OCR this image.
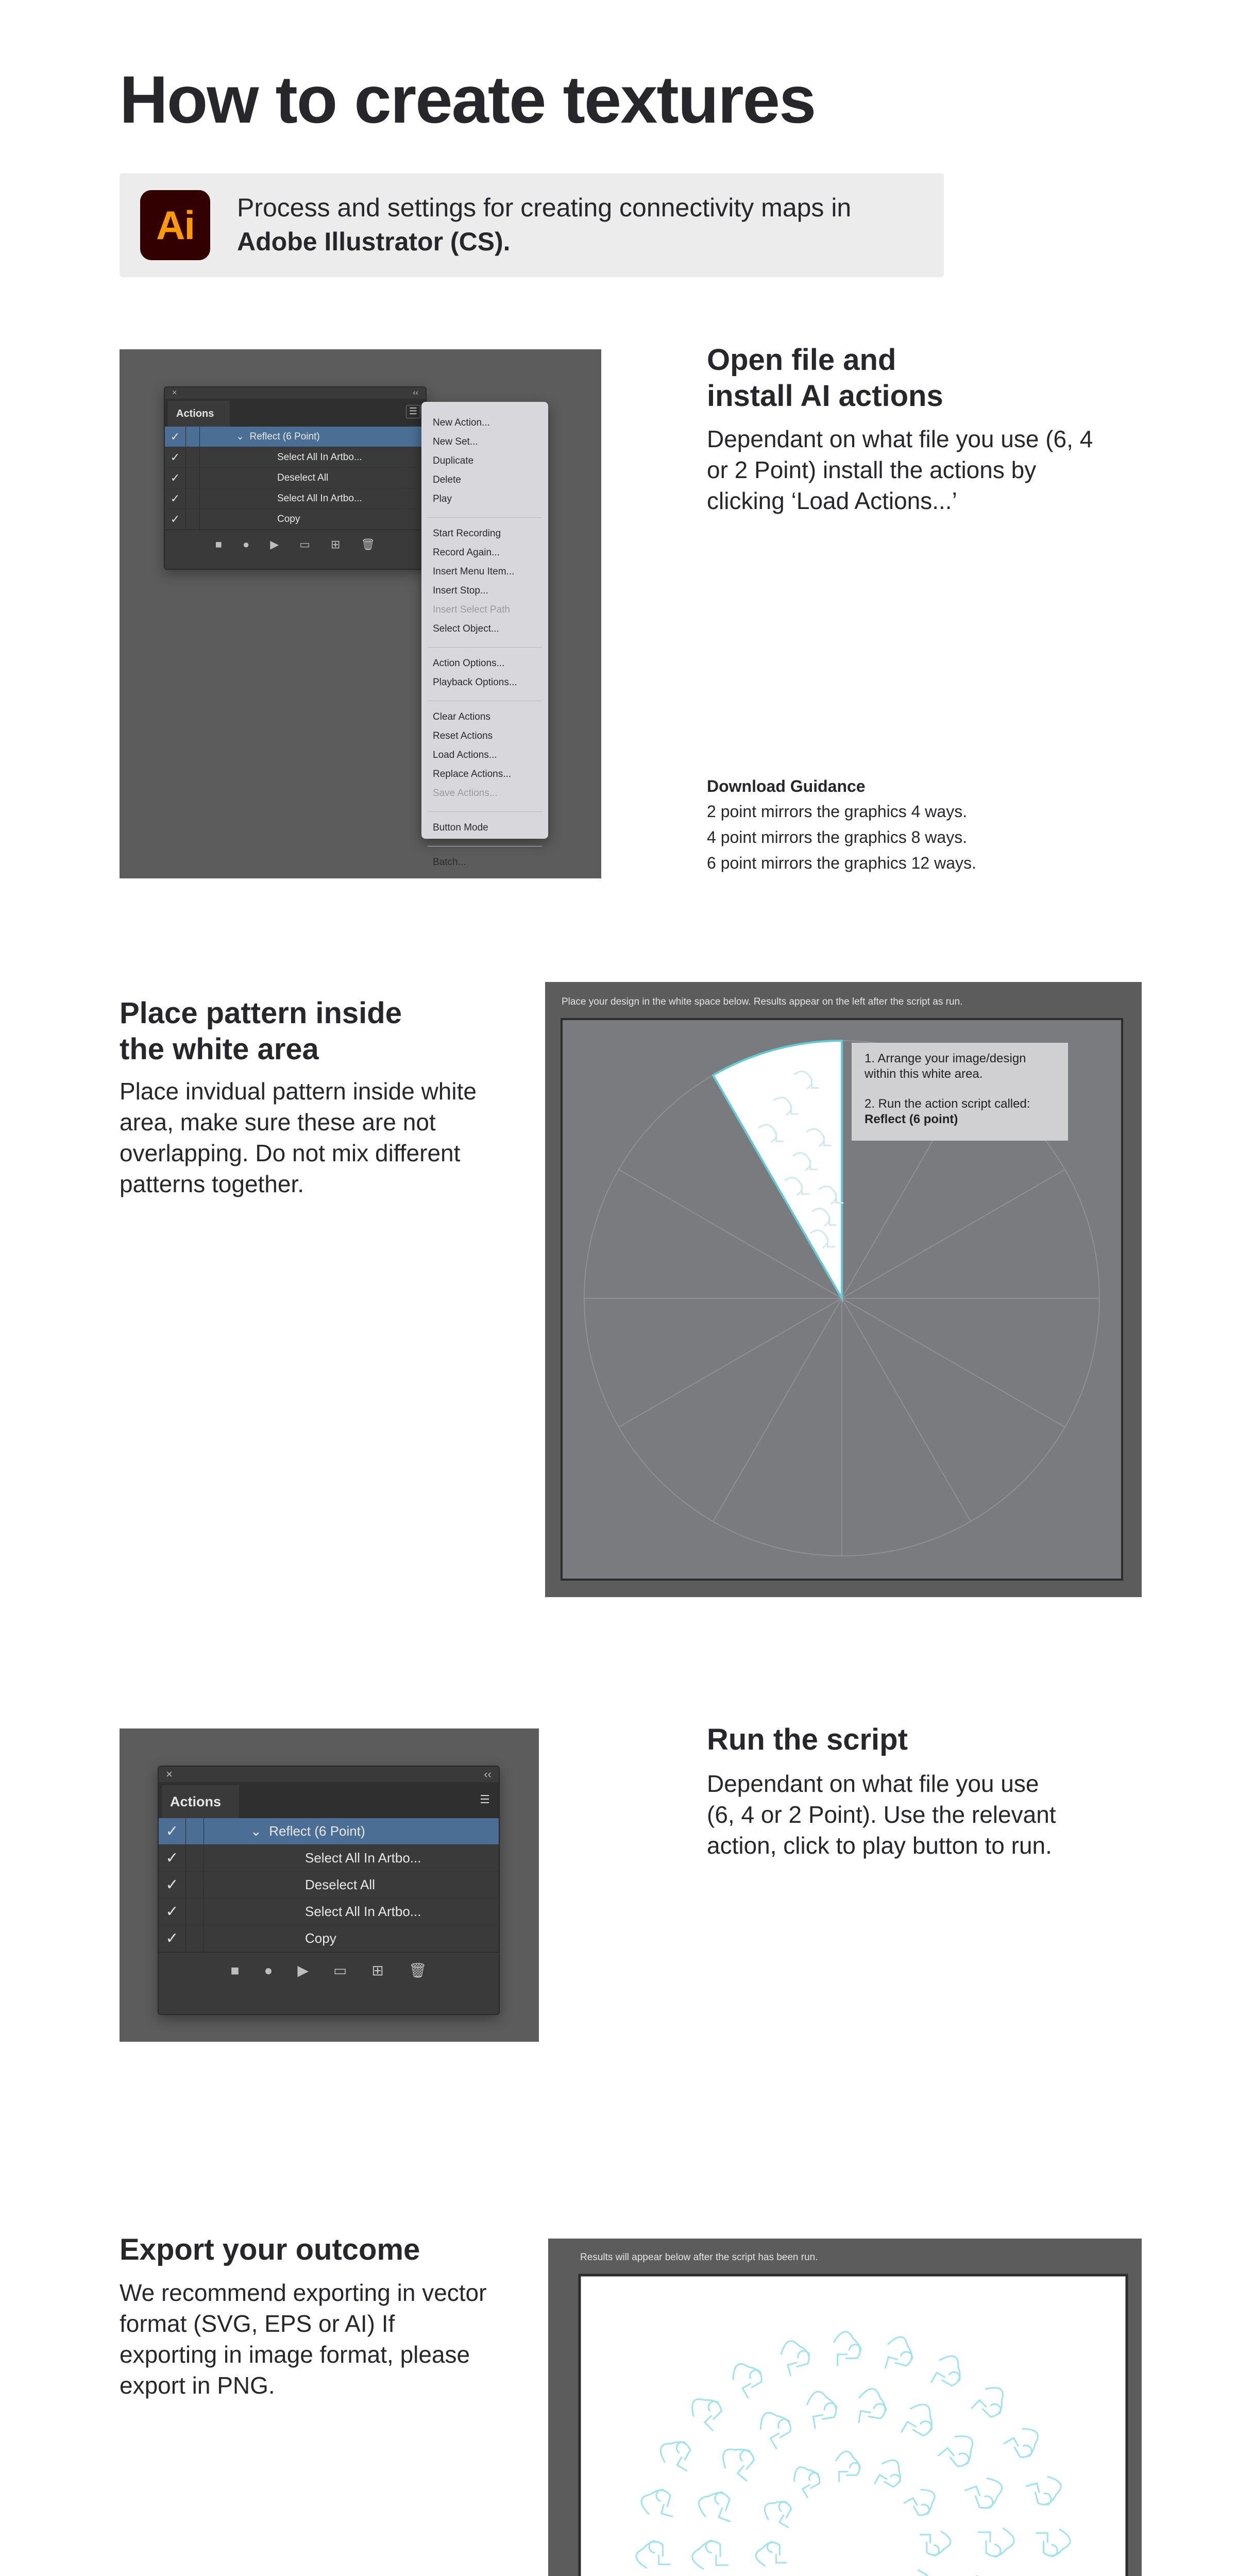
How to create textures
Ai	Process and settings for creating connectivity maps in
Adobe Illustrator (CS).
×	‹‹
Actions	☰
✓	⌄  Reflect (6 Point)
✓	Select All In Artbo...
✓	Deselect All
✓	Select All In Artbo...
✓	Copy
■ ● ▶ ▭ ⊞ 🗑
New Action...
New Set...
Duplicate
Delete
Play
Start Recording
Record Again...
Insert Menu Item...
Insert Stop...
Insert Select Path
Select Object...
Action Options...
Playback Options...
Clear Actions
Reset Actions
Load Actions...
Replace Actions...
Save Actions...
Button Mode
Batch...
Open file and
install AI actions
Dependant on what file you use (6, 4 or 2 Point) install the actions by clicking ‘Load Actions...’
Download Guidance
2 point mirrors the graphics 4 ways.
4 point mirrors the graphics 8 ways.
6 point mirrors the graphics 12 ways.
Place pattern inside
the white area
Place invidual pattern inside white area, make sure these are not overlapping. Do not mix different patterns together.
Place your design in the white space below. Results appear on the left after the script as run.
1. Arrange your image/design
within this white area.
2. Run the action script called:
Reflect (6 point)
×	‹‹
Actions	☰
✓	⌄  Reflect (6 Point)
✓	Select All In Artbo...
✓	Deselect All
✓	Select All In Artbo...
✓	Copy
■ ● ▶ ▭ ⊞ 🗑
Run the script
Dependant on what file you use (6, 4 or 2 Point). Use the relevant action, click to play button to run.
Export your outcome
We recommend exporting in vector format (SVG, EPS or AI) If exporting in image format, please export in PNG.
Results will appear below after the script has been run.
